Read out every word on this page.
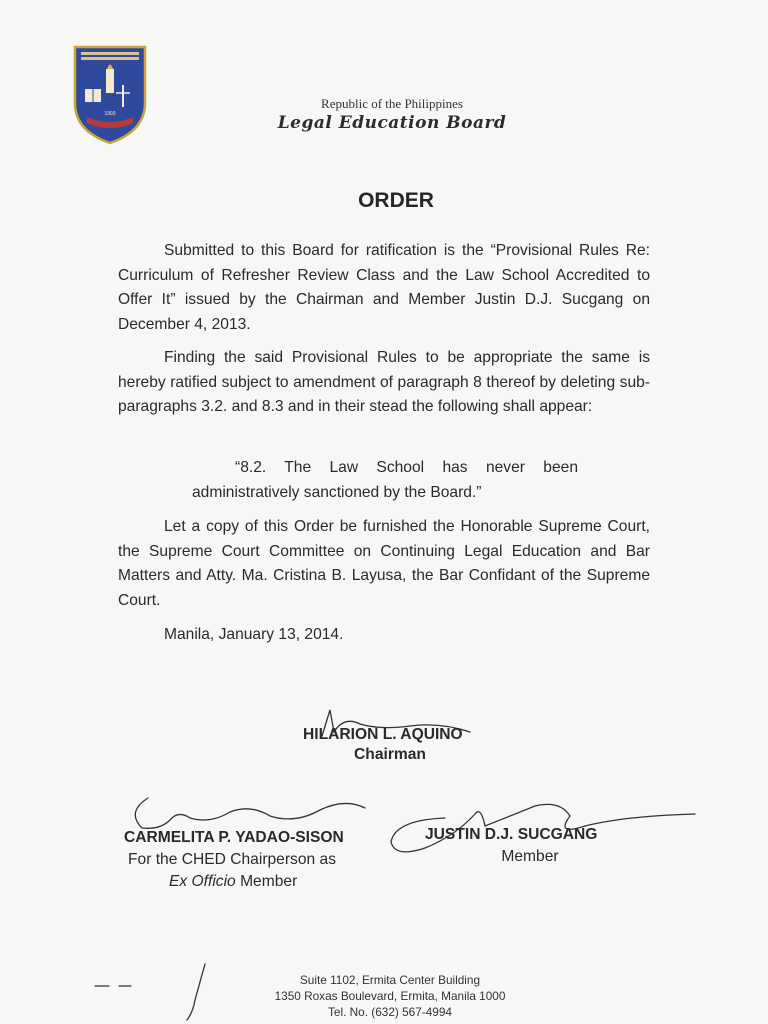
1993
Republic of the Philippines
Legal Education Board
ORDER
Submitted to this Board for ratification is the “Provisional Rules Re: Curriculum of Refresher Review Class and the Law School Accredited to Offer It” issued by the Chairman and Member Justin D.J. Sucgang on December 4, 2013.
Finding the said Provisional Rules to be appropriate the same is hereby ratified subject to amendment of paragraph 8 thereof by deleting sub-paragraphs 3.2. and 8.3 and in their stead the following shall appear:
“8.2. The Law School has never been administratively sanctioned by the Board.”
Let a copy of this Order be furnished the Honorable Supreme Court, the Supreme Court Committee on Continuing Legal Education and Bar Matters and Atty. Ma. Cristina B. Layusa, the Bar Confidant of the Supreme Court.
Manila, January 13, 2014.
HILARION L. AQUINO
Chairman
CARMELITA P. YADAO-SISON
For the CHED Chairperson as
Ex Officio Member
JUSTIN D.J. SUCGANG
Member
Suite 1102, Ermita Center Building
1350 Roxas Boulevard, Ermita, Manila 1000
Tel. No. (632) 567-4994
